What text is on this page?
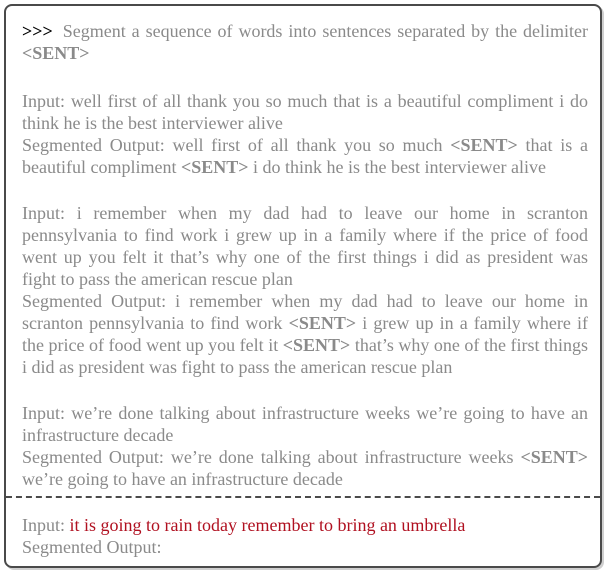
>>> Segment a sequence of words into sentences separated by the delimiter <SENT>
Input: well first of all thank you so much that is a beautiful compliment i do think he is the best interviewer alive
Segmented Output: well first of all thank you so much <SENT> that is a beautiful compliment <SENT> i do think he is the best interviewer alive
Input: i remember when my dad had to leave our home in scranton pennsylvania to find work i grew up in a family where if the price of food went up you felt it that’s why one of the first things i did as president was fight to pass the american rescue plan
Segmented Output: i remember when my dad had to leave our home in scranton pennsylvania to find work <SENT> i grew up in a family where if the price of food went up you felt it <SENT> that’s why one of the first things i did as president was fight to pass the american rescue plan
Input: we’re done talking about infrastructure weeks we’re going to have an infrastructure decade
Segmented Output: we’re done talking about infrastructure weeks <SENT> we’re going to have an infrastructure decade
Input: it is going to rain today remember to bring an umbrella
Segmented Output:
